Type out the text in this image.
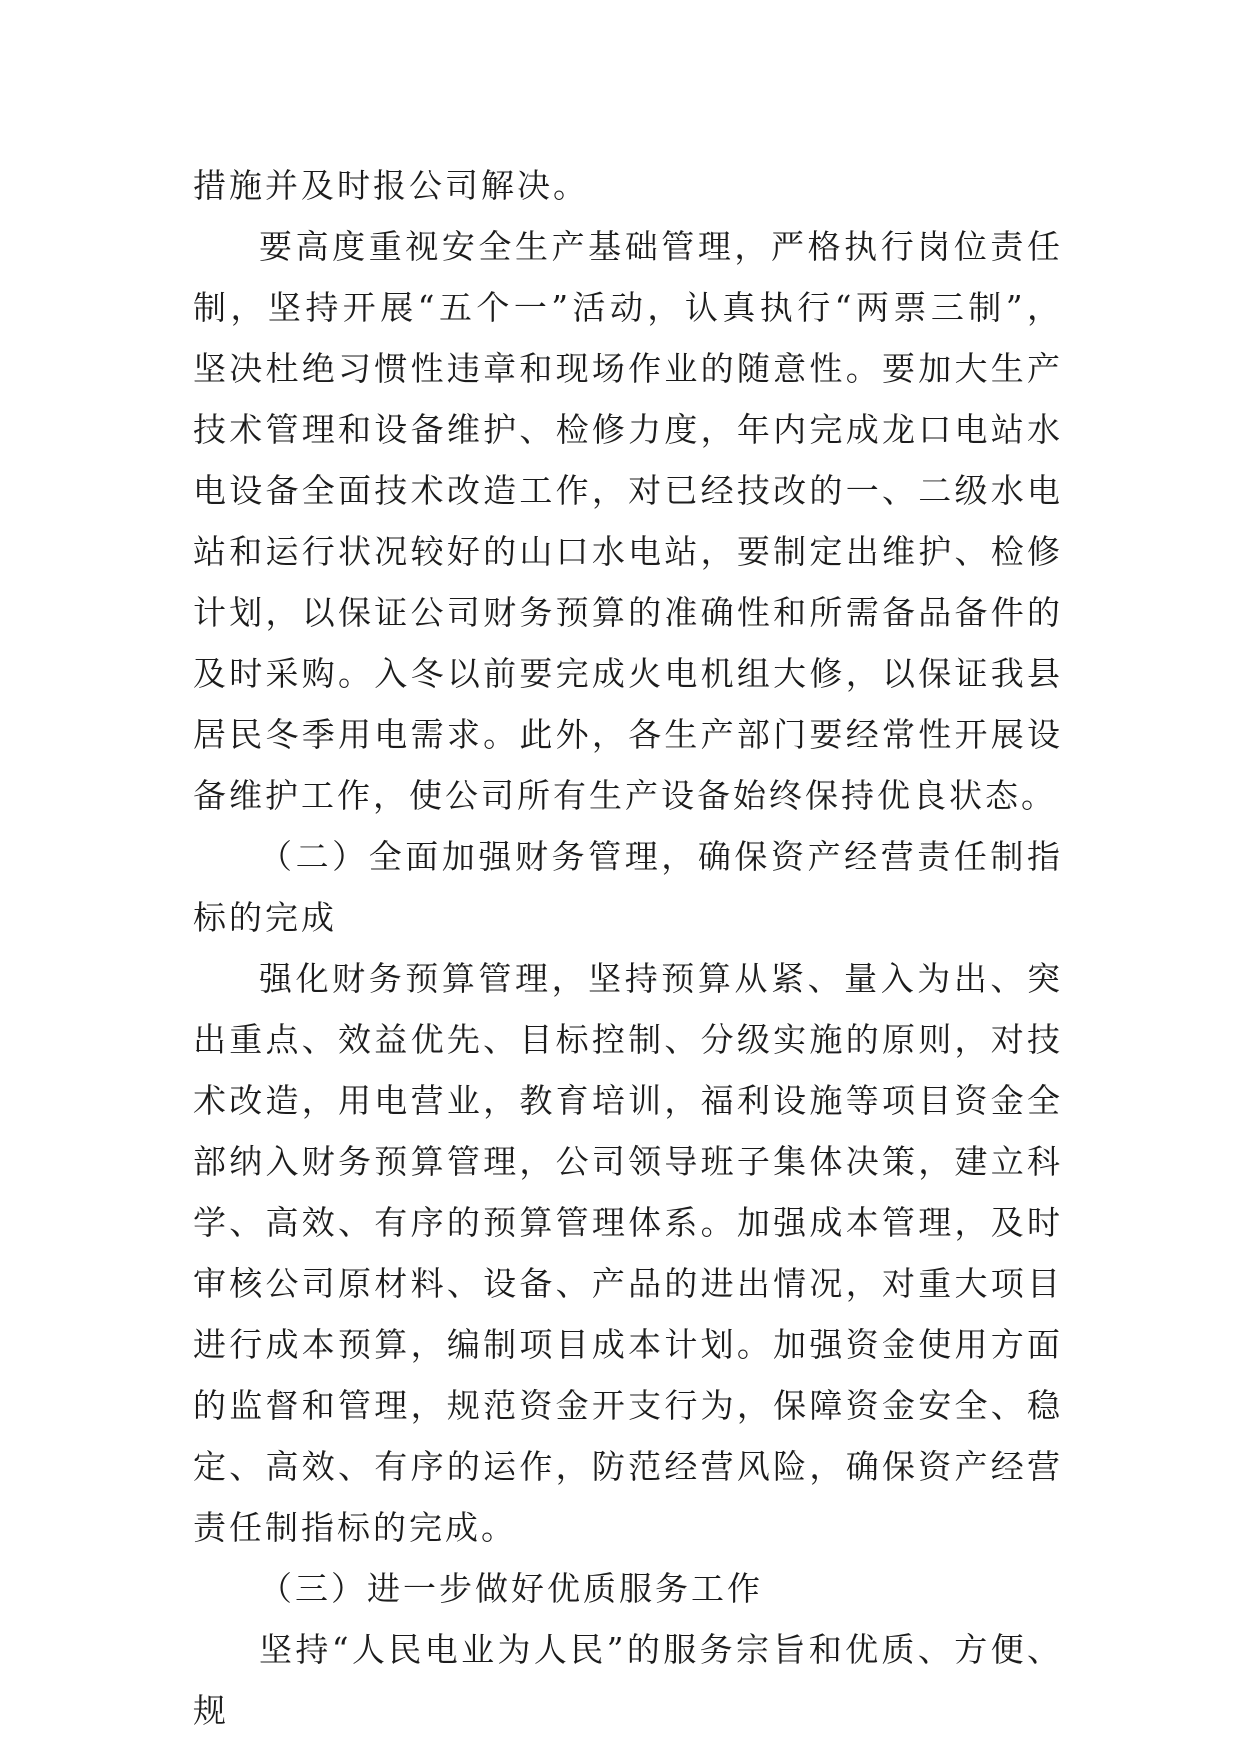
措施并及时报公司解决。

要高度重视安全生产基础管理，严格执行岗位责任制，坚持开展“五个一”活动，认真执行“两票三制”，坚决杜绝习惯性违章和现场作业的随意性。要加大生产技术管理和设备维护、检修力度，年内完成龙口电站水电设备全面技术改造工作，对已经技改的一、二级水电站和运行状况较好的山口水电站，要制定出维护、检修计划，以保证公司财务预算的准确性和所需备品备件的及时采购。入冬以前要完成火电机组大修，以保证我县居民冬季用电需求。此外，各生产部门要经常性开展设备维护工作，使公司所有生产设备始终保持优良状态。

（二）全面加强财务管理，确保资产经营责任制指标的完成

强化财务预算管理，坚持预算从紧、量入为出、突出重点、效益优先、目标控制、分级实施的原则，对技术改造，用电营业，教育培训，福利设施等项目资金全部纳入财务预算管理，公司领导班子集体决策，建立科学、高效、有序的预算管理体系。加强成本管理，及时审核公司原材料、设备、产品的进出情况，对重大项目进行成本预算，编制项目成本计划。加强资金使用方面的监督和管理，规范资金开支行为，保障资金安全、稳定、高效、有序的运作，防范经营风险，确保资产经营责任制指标的完成。

（三）进一步做好优质服务工作

坚持“人民电业为人民”的服务宗旨和优质、方便、规
